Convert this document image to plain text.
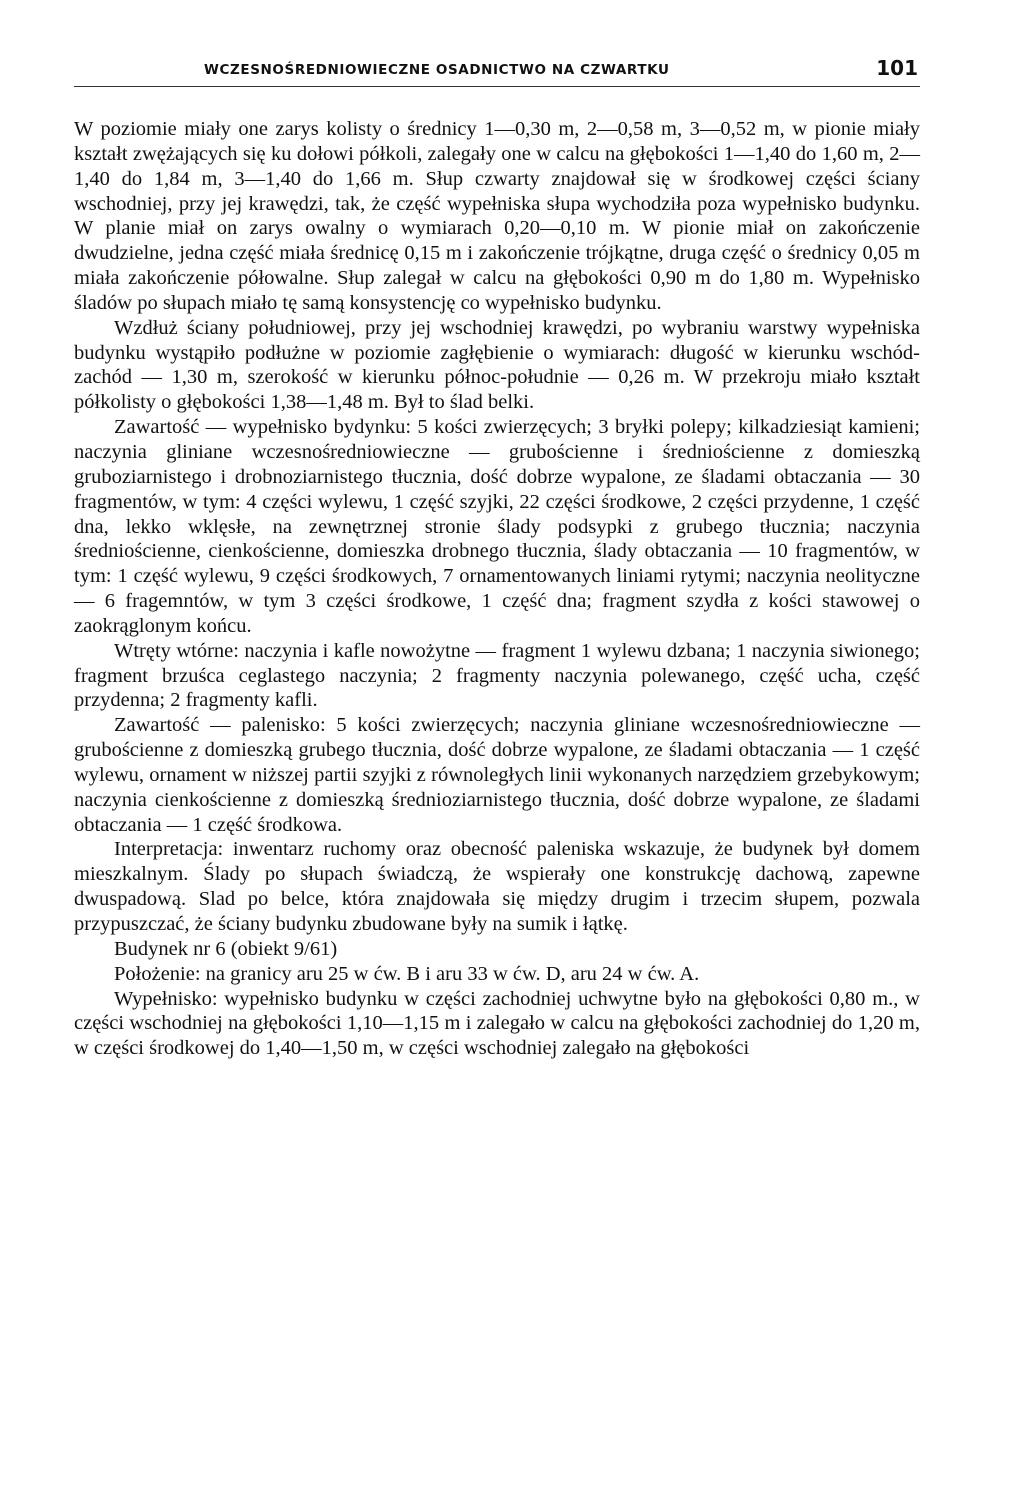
WCZESNOŚREDNIOWIECZNE OSADNICTWO NA CZWARTKU	101

W poziomie miały one zarys kolisty o średnicy 1—0,30 m, 2—0,58 m, 3—0,52 m, w pionie miały kształt zwężających się ku dołowi półkoli, zalegały one w calcu na głębokości 1—1,40 do 1,60 m, 2—1,40 do 1,84 m, 3—1,40 do 1,66 m. Słup czwarty znajdował się w środkowej części ściany wschodniej, przy jej krawędzi, tak, że część wypełniska słupa wychodziła poza wypełnisko budynku. W planie miał on zarys owalny o wymiarach 0,20—0,10 m. W pionie miał on zakończenie dwudzielne, jedna część miała średnicę 0,15 m i zakończenie trójkątne, druga część o średnicy 0,05 m miała zakończenie półowalne. Słup zalegał w calcu na głębokości 0,90 m do 1,80 m. Wypełnisko śladów po słupach miało tę samą konsystencję co wypełnisko budynku.

Wzdłuż ściany południowej, przy jej wschodniej krawędzi, po wybraniu warstwy wypełniska budynku wystąpiło podłużne w poziomie zagłębienie o wymiarach: długość w kierunku wschód-zachód — 1,30 m, szerokość w kierunku północ-południe — 0,26 m. W przekroju miało kształt półkolisty o głębokości 1,38—1,48 m. Był to ślad belki.

Zawartość — wypełnisko bydynku: 5 kości zwierzęcych; 3 bryłki polepy; kilkadziesiąt kamieni; naczynia gliniane wczesnośredniowieczne — grubościenne i średniościenne z domieszką gruboziarnistego i drobnoziarnistego tłucznia, dość dobrze wypalone, ze śladami obtaczania — 30 fragmentów, w tym: 4 części wylewu, 1 część szyjki, 22 części środkowe, 2 części przydenne, 1 część dna, lekko wklęsłe, na zewnętrznej stronie ślady podsypki z grubego tłucznia; naczynia średniościenne, cienkościenne, domieszka drobnego tłucznia, ślady obtaczania — 10 fragmentów, w tym: 1 część wylewu, 9 części środkowych, 7 ornamentowanych liniami rytymi; naczynia neolityczne — 6 fragemntów, w tym 3 części środkowe, 1 część dna; fragment szydła z kości stawowej o zaokrąglonym końcu.

Wtręty wtórne: naczynia i kafle nowożytne — fragment 1 wylewu dzbana; 1 naczynia siwionego; fragment brzuśca ceglastego naczynia; 2 fragmenty naczynia polewanego, część ucha, część przydenna; 2 fragmenty kafli.

Zawartość — palenisko: 5 kości zwierzęcych; naczynia gliniane wczesnośredniowieczne — grubościenne z domieszką grubego tłucznia, dość dobrze wypalone, ze śladami obtaczania — 1 część wylewu, ornament w niższej partii szyjki z równoległych linii wykonanych narzędziem grzebykowym; naczynia cienkościenne z domieszką średnioziarnistego tłucznia, dość dobrze wypalone, ze śladami obtaczania — 1 część środkowa.

Interpretacja: inwentarz ruchomy oraz obecność paleniska wskazuje, że budynek był domem mieszkalnym. Ślady po słupach świadczą, że wspierały one konstrukcję dachową, zapewne dwuspadową. Slad po belce, która znajdowała się między drugim i trzecim słupem, pozwala przypuszczać, że ściany budynku zbudowane były na sumik i łątkę.

Budynek nr 6 (obiekt 9/61)

Położenie: na granicy aru 25 w ćw. B i aru 33 w ćw. D, aru 24 w ćw. A.

Wypełnisko: wypełnisko budynku w części zachodniej uchwytne było na głębokości 0,80 m., w części wschodniej na głębokości 1,10—1,15 m i zalegało w calcu na głębokości zachodniej do 1,20 m, w części środkowej do 1,40—1,50 m, w części wschodniej zalegało na głębokości
